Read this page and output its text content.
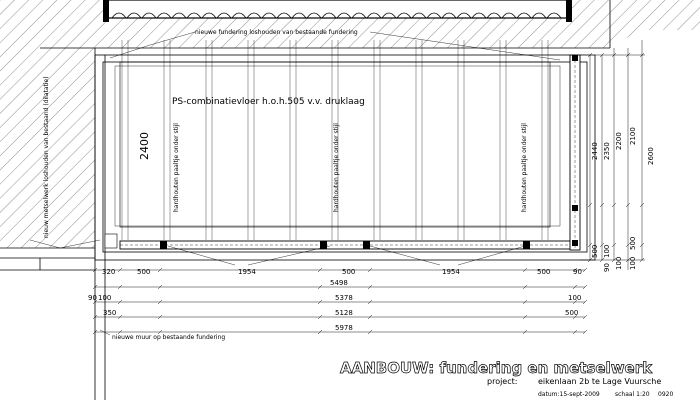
PS-combinatievloer h.o.h.505 v.v. druklaag
2400
nieuwe fundering loshouden van bestaande fundering
nieuw metselwerk loshouden van bestaand (dilatatie)
nieuwe muur op bestaande fundering
hardhouten paaltje onder stijl	hardhouten paaltje onder stijl	hardhouten paaltje onder stijl
320	500	1954	500	1954	500	90
5498
90 100	5378	100
350	5128	500
5978
2440
500
2350
100
90
2200
100
2100
500
100
2600
AANBOUW: fundering en metselwerk
project:	eikenlaan 2b te Lage Vuursche
datum:15-sept-2009	schaal 1:20 0920
